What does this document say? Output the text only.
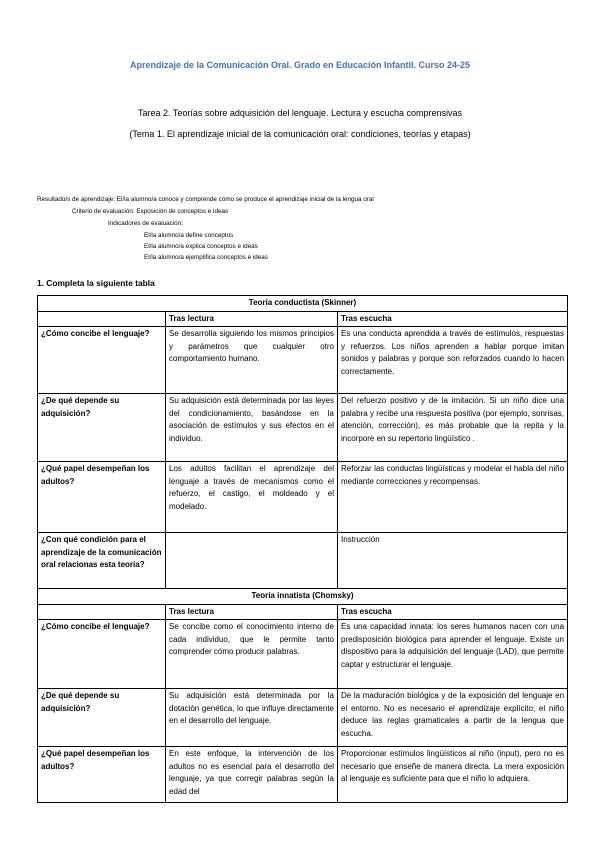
Aprendizaje de la Comunicación Oral. Grado en Educación Infantil. Curso 24-25
Tarea 2. Teorías sobre adquisición del lenguaje. Lectura y escucha comprensivas
(Tema 1. El aprendizaje inicial de la comunicación oral: condiciones, teorías y etapas)
Resultado/s de aprendizaje: El/la alumno/a conoce y comprende cómo se produce el aprendizaje inicial de la lengua oral
Criterio de evaluación: Exposición de conceptos e ideas
Indicadores de evaluación:
El/la alumno/a define conceptos
El/la alumno/a explica conceptos e ideas
El/la alumno/a ejemplifica conceptos e ideas
1. Completa la siguiente tabla
Teoría conductista (Skinner)		
	Tras lectura	Tras escucha
¿Cómo concibe el lenguaje?	Se desarrolla siguiendo los mismos principios y parámetros que cualquier otro comportamiento humano.	Es una conducta aprendida a través de estímulos, respuestas y refuerzos. Los niños aprenden a hablar porque imitan sonidos y palabras y porque son reforzados cuando lo hacen correctamente.
¿De qué depende su adquisición?	Su adquisición está determinada por las leyes del condicionamiento, basándose en la asociación de estímulos y sus efectos en el individuo.	Del refuerzo positivo y de la imitación. Si un niño dice una palabra y recibe una respuesta positiva (por ejemplo, sonrisas, atención, corrección), es más probable que la repita y la incorpore en su repertorio lingüístico .
¿Qué papel desempeñan los adultos?	Los adultos facilitan el aprendizaje del lenguaje a través de mecanismos como el refuerzo, el castigo, el moldeado y el modelado.	Reforzar las conductas lingüísticas y modelar el habla del niño mediante correcciones y recompensas.
¿Con qué condición para el aprendizaje de la comunicación oral relacionas esta teoría?		Instrucción
Teoría innatista (Chomsky)		
	Tras lectura	Tras escucha
¿Cómo concibe el lenguaje?	Se concibe como el conocimiento interno de cada individuo, que le permite tanto comprender cómo producir palabras.	Es una capacidad innata: los seres humanos nacen con una predisposición biológica para aprender el lenguaje. Existe un dispositivo para la adquisición del lenguaje (LAD), que permite captar y estructurar el lenguaje.
¿De qué depende su adquisición?	Su adquisición está determinada por la dotación genética, lo que influye directamente en el desarrollo del lenguaje.	De la maduración biológica y de la exposición del lenguaje en el entorno. No es necesario el aprendizaje explícito; el niño deduce las reglas gramaticales a partir de la lengua que escucha.
¿Qué papel desempeñan los adultos?	En este enfoque, la intervención de los adultos no es esencial para el desarrollo del lenguaje, ya que corregir palabras según la edad del	Proporcionar estímulos lingüísticos al niño (input), pero no es necesario que enseñe de manera directa. La mera exposición al lenguaje es suficiente para que el niño lo adquiera.
